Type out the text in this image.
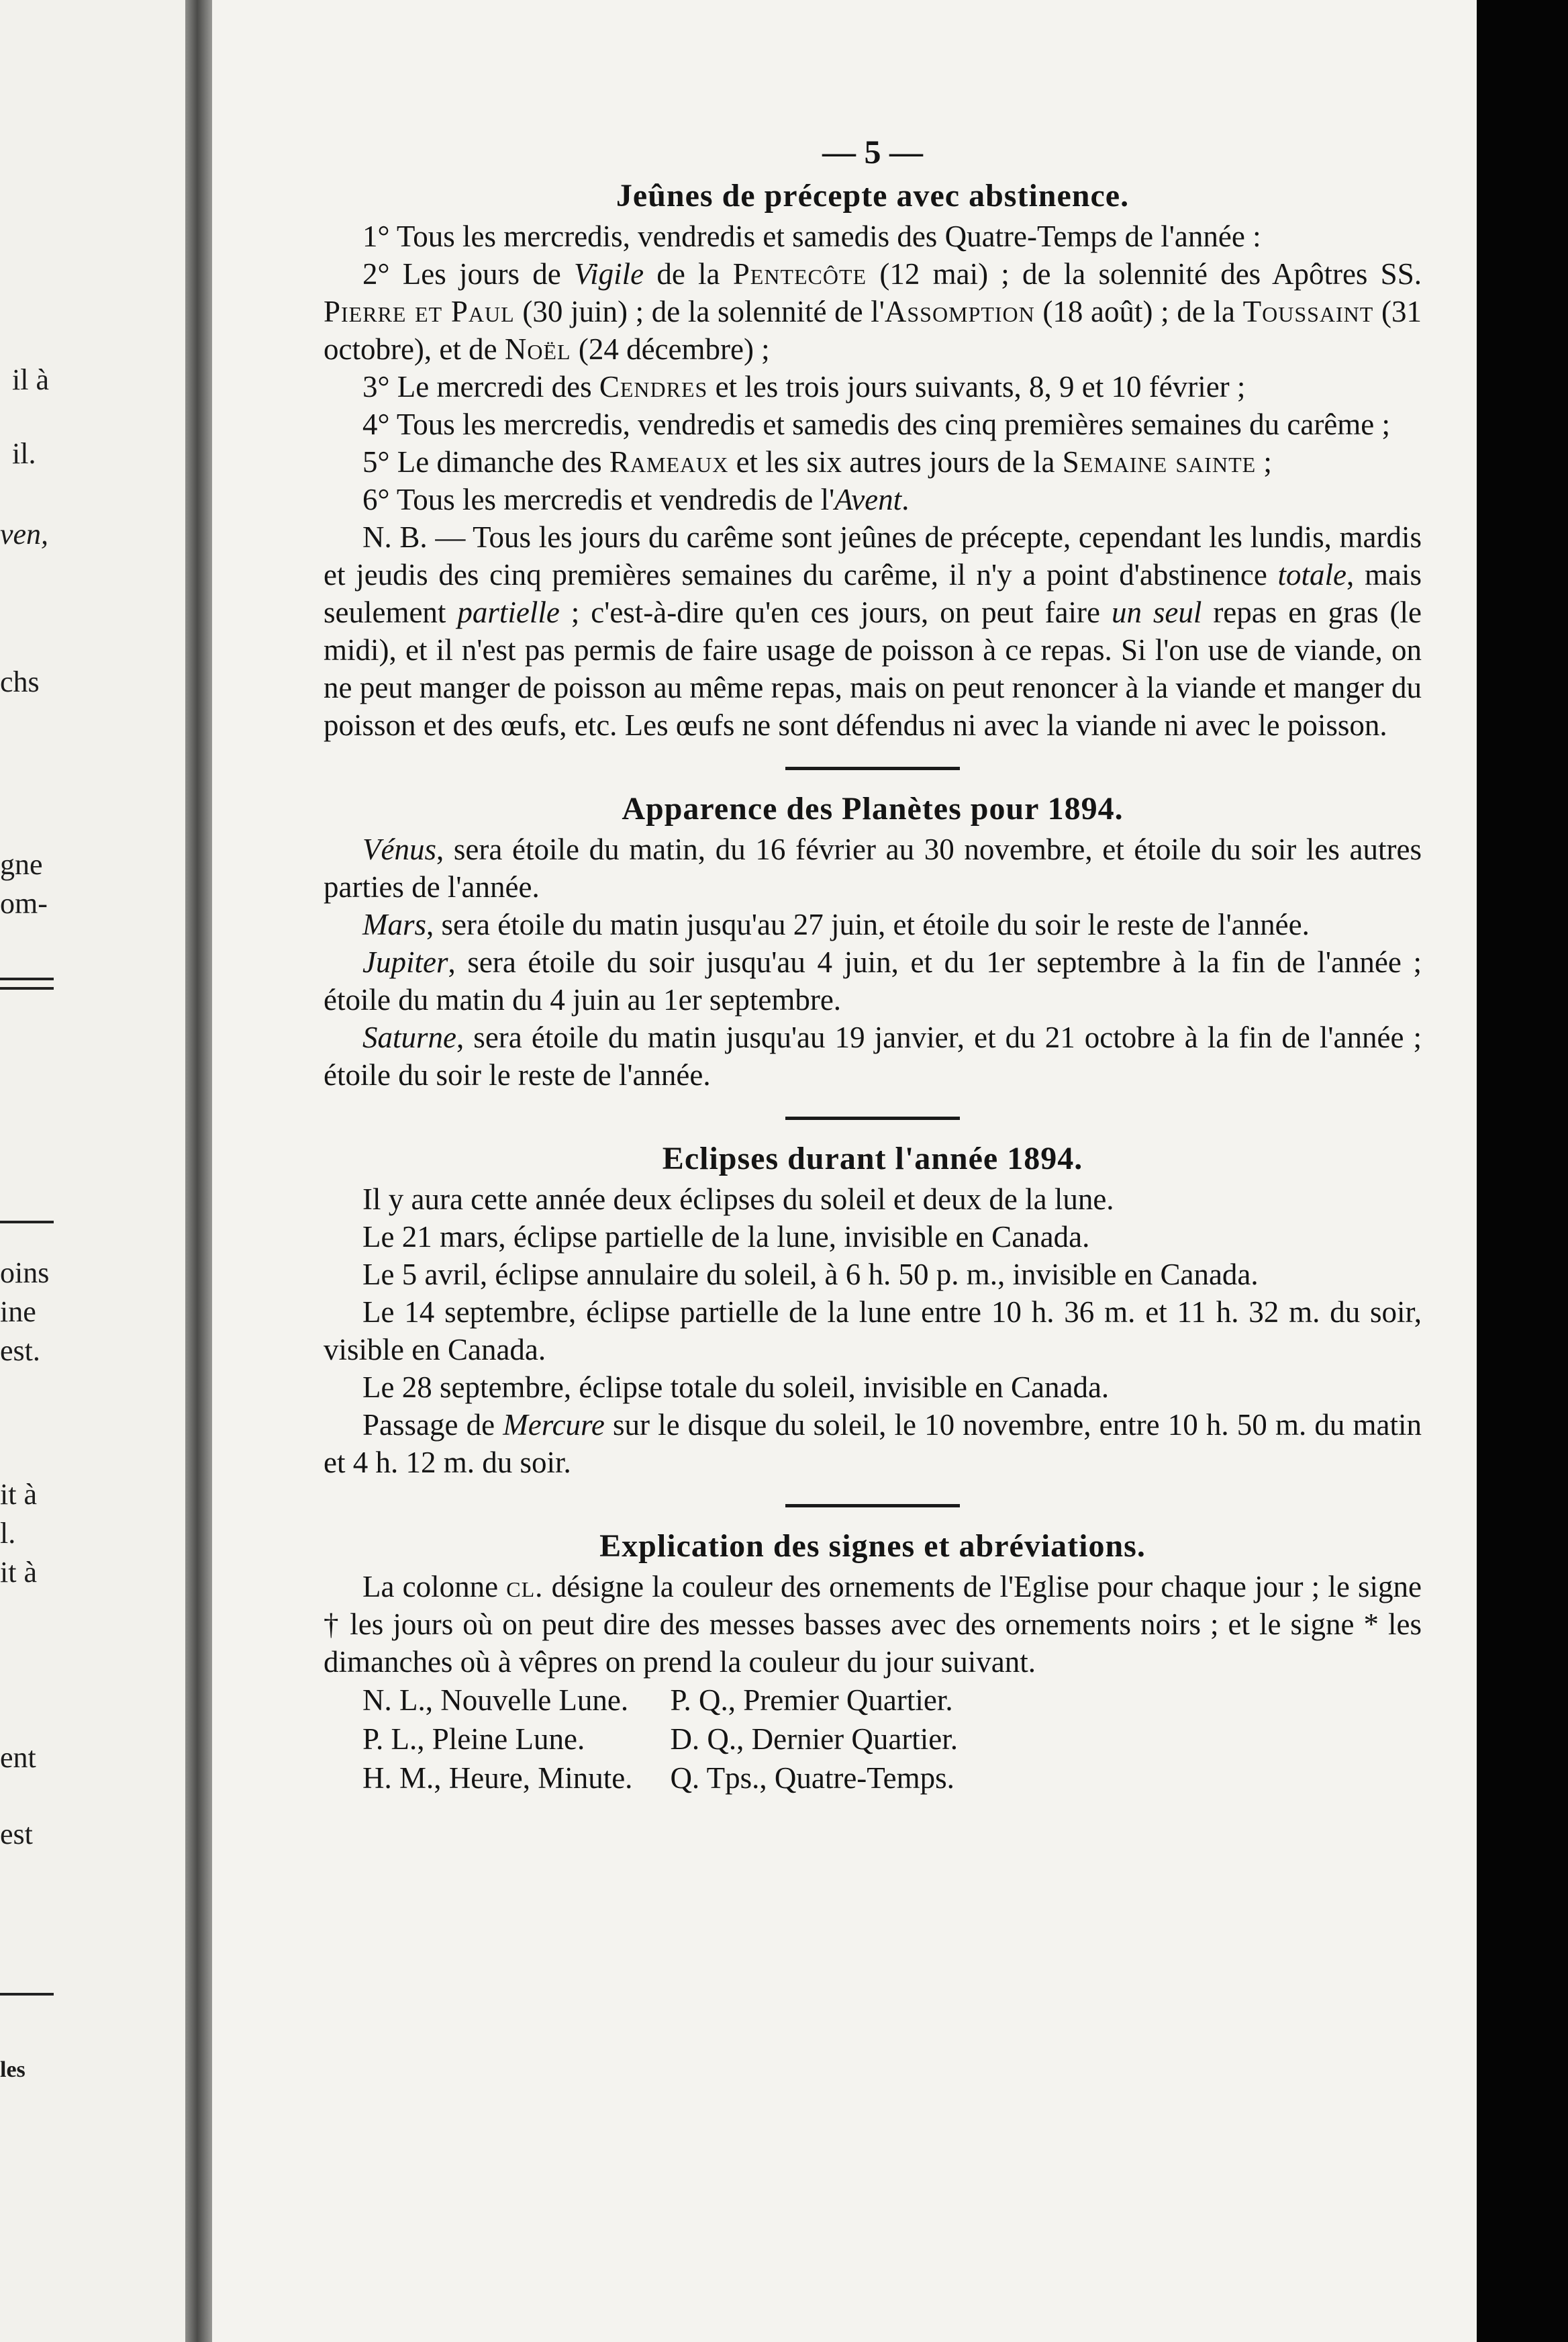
il à
il.
ven,
chs
gne
om-
oins
ine
est.
it à
l.
it à
ent
est
les
— 5 —
Jeûnes de précepte avec abstinence.

1° Tous les mercredis, vendredis et samedis des Quatre-Temps de l'année :

2° Les jours de Vigile de la Pentecôte (12 mai) ; de la solennité des Apôtres SS. Pierre et Paul (30 juin) ; de la solennité de l'Assomption (18 août) ; de la Toussaint (31 octobre), et de Noël (24 décembre) ;

3° Le mercredi des Cendres et les trois jours suivants, 8, 9 et 10 février ;

4° Tous les mercredis, vendredis et samedis des cinq premières semaines du carême ;

5° Le dimanche des Rameaux et les six autres jours de la Semaine sainte ;

6° Tous les mercredis et vendredis de l'Avent.

N. B. — Tous les jours du carême sont jeûnes de précepte, cependant les lundis, mardis et jeudis des cinq premières semaines du carême, il n'y a point d'abstinence totale, mais seulement partielle ; c'est-à-dire qu'en ces jours, on peut faire un seul repas en gras (le midi), et il n'est pas permis de faire usage de poisson à ce repas. Si l'on use de viande, on ne peut manger de poisson au même repas, mais on peut renoncer à la viande et manger du poisson et des œufs, etc. Les œufs ne sont défendus ni avec la viande ni avec le poisson.

Apparence des Planètes pour 1894.

Vénus, sera étoile du matin, du 16 février au 30 novembre, et étoile du soir les autres parties de l'année.

Mars, sera étoile du matin jusqu'au 27 juin, et étoile du soir le reste de l'année.

Jupiter, sera étoile du soir jusqu'au 4 juin, et du 1er septembre à la fin de l'année ; étoile du matin du 4 juin au 1er septembre.

Saturne, sera étoile du matin jusqu'au 19 janvier, et du 21 octobre à la fin de l'année ; étoile du soir le reste de l'année.

Eclipses durant l'année 1894.

Il y aura cette année deux éclipses du soleil et deux de la lune.

Le 21 mars, éclipse partielle de la lune, invisible en Canada.

Le 5 avril, éclipse annulaire du soleil, à 6 h. 50 p. m., invisible en Canada.

Le 14 septembre, éclipse partielle de la lune entre 10 h. 36 m. et 11 h. 32 m. du soir, visible en Canada.

Le 28 septembre, éclipse totale du soleil, invisible en Canada.

Passage de Mercure sur le disque du soleil, le 10 novembre, entre 10 h. 50 m. du matin et 4 h. 12 m. du soir.

Explication des signes et abréviations.

La colonne cl. désigne la couleur des ornements de l'Eglise pour chaque jour ; le signe † les jours où on peut dire des messes basses avec des ornements noirs ; et le signe * les dimanches où à vêpres on prend la couleur du jour suivant.

N. L., Nouvelle Lune.	P. Q., Premier Quartier.
P. L., Pleine Lune.	D. Q., Dernier Quartier.
H. M., Heure, Minute.	Q. Tps., Quatre-Temps.
